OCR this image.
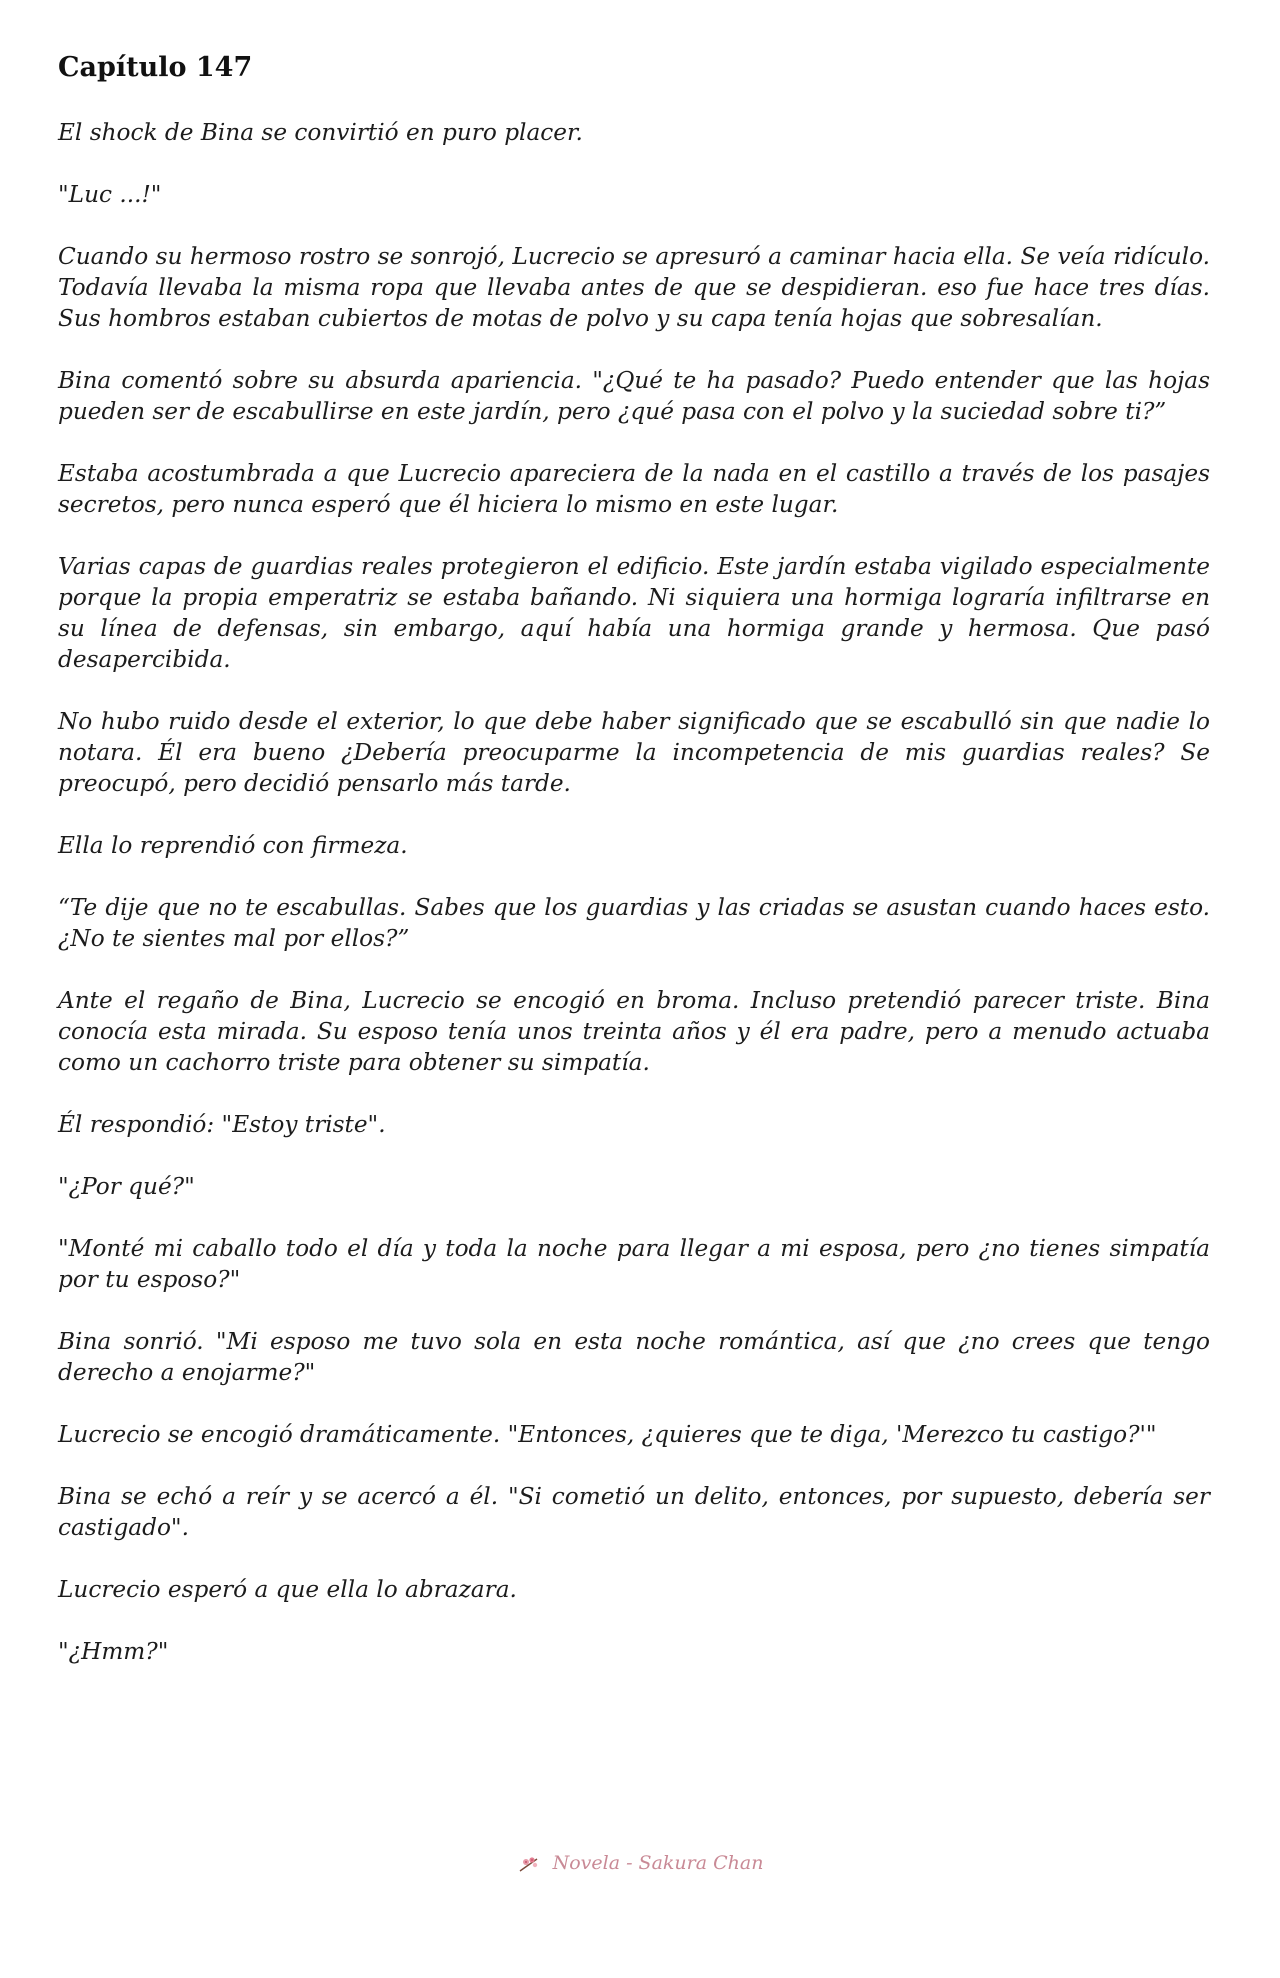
Capítulo 147

El shock de Bina se convirtió en puro placer.

"Luc ...!"

Cuando su hermoso rostro se sonrojó, Lucrecio se apresuró a caminar hacia ella. Se veía ridículo. Todavía llevaba la misma ropa que llevaba antes de que se despidieran. eso fue hace tres días. Sus hombros estaban cubiertos de motas de polvo y su capa tenía hojas que sobresalían.

Bina comentó sobre su absurda apariencia. "¿Qué te ha pasado? Puedo entender que las hojas pueden ser de escabullirse en este jardín, pero ¿qué pasa con el polvo y la suciedad sobre ti?”

Estaba acostumbrada a que Lucrecio apareciera de la nada en el castillo a través de los pasajes secretos, pero nunca esperó que él hiciera lo mismo en este lugar.

Varias capas de guardias reales protegieron el edificio. Este jardín estaba vigilado especialmente porque la propia emperatriz se estaba bañando. Ni siquiera una hormiga lograría infiltrarse en su línea de defensas, sin embargo, aquí había una hormiga grande y hermosa. Que pasó desapercibida.

No hubo ruido desde el exterior, lo que debe haber significado que se escabulló sin que nadie lo notara. Él era bueno ¿Debería preocuparme la incompetencia de mis guardias reales? Se preocupó, pero decidió pensarlo más tarde.

Ella lo reprendió con firmeza.

“Te dije que no te escabullas. Sabes que los guardias y las criadas se asustan cuando haces esto. ¿No te sientes mal por ellos?”

Ante el regaño de Bina, Lucrecio se encogió en broma. Incluso pretendió parecer triste. Bina conocía esta mirada. Su esposo tenía unos treinta años y él era padre, pero a menudo actuaba como un cachorro triste para obtener su simpatía.

Él respondió: "Estoy triste".

"¿Por qué?"

"Monté mi caballo todo el día y toda la noche para llegar a mi esposa, pero ¿no tienes simpatía por tu esposo?"

Bina sonrió. "Mi esposo me tuvo sola en esta noche romántica, así que ¿no crees que tengo derecho a enojarme?"

Lucrecio se encogió dramáticamente. "Entonces, ¿quieres que te diga, 'Merezco tu castigo?'"

Bina se echó a reír y se acercó a él. "Si cometió un delito, entonces, por supuesto, debería ser castigado".

Lucrecio esperó a que ella lo abrazara.

"¿Hmm?"

Novela - Sakura Chan
